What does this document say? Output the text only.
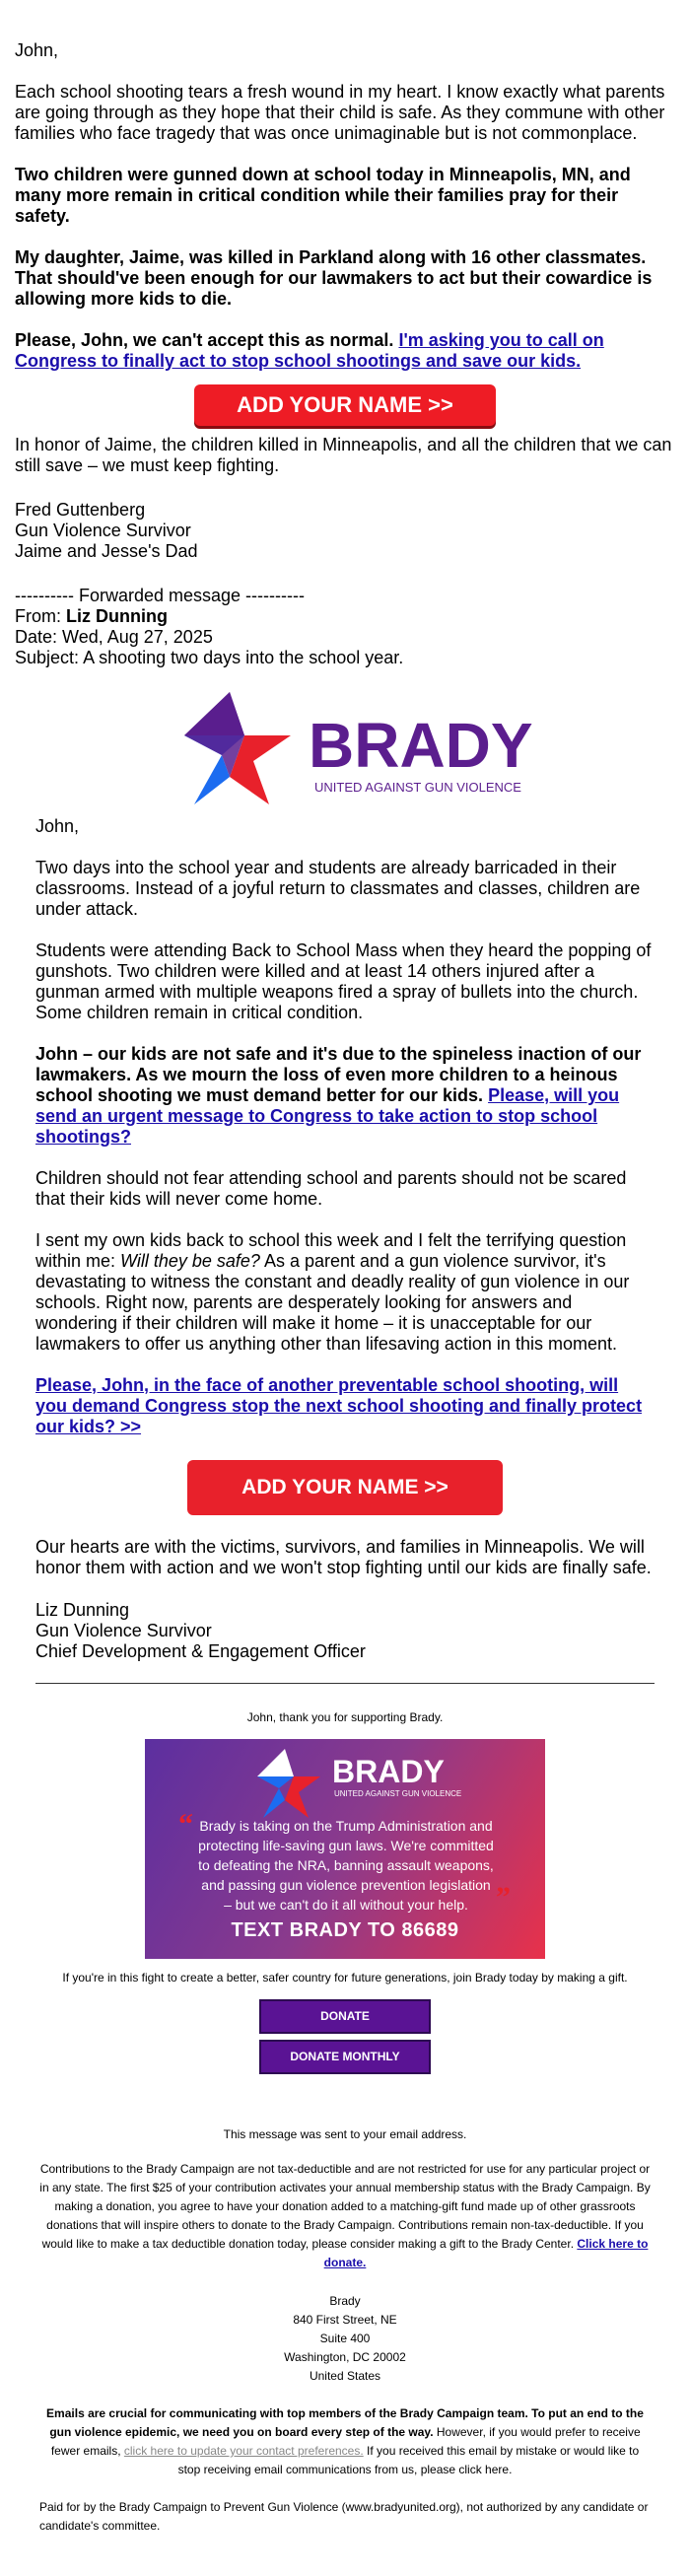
John,

Each school shooting tears a fresh wound in my heart. I know exactly what parents are going through as they hope that their child is safe. As they commune with other families who face tragedy that was once unimaginable but is not commonplace.

Two children were gunned down at school today in Minneapolis, MN, and many more remain in critical condition while their families pray for their safety.

My daughter, Jaime, was killed in Parkland along with 16 other classmates. That should've been enough for our lawmakers to act but their cowardice is allowing more kids to die.

Please, John, we can't accept this as normal. I'm asking you to call on Congress to finally act to stop school shootings and save our kids.

ADD YOUR NAME >>

In honor of Jaime, the children killed in Minneapolis, and all the children that we can still save – we must keep fighting.

Fred Guttenberg

Gun Violence Survivor

Jaime and Jesse's Dad

---------- Forwarded message ----------

From: Liz Dunning

Date: Wed, Aug 27, 2025

Subject: A shooting two days into the school year.

BRADY
UNITED AGAINST GUN VIOLENCE

John,

Two days into the school year and students are already barricaded in their classrooms. Instead of a joyful return to classmates and classes, children are under attack.

Students were attending Back to School Mass when they heard the popping of gunshots. Two children were killed and at least 14 others injured after a gunman armed with multiple weapons fired a spray of bullets into the church. Some children remain in critical condition.

John – our kids are not safe and it's due to the spineless inaction of our lawmakers. As we mourn the loss of even more children to a heinous school shooting we must demand better for our kids. Please, will you send an urgent message to Congress to take action to stop school shootings?

Children should not fear attending school and parents should not be scared that their kids will never come home.

I sent my own kids back to school this week and I felt the terrifying question within me: Will they be safe? As a parent and a gun violence survivor, it's devastating to witness the constant and deadly reality of gun violence in our schools. Right now, parents are desperately looking for answers and wondering if their children will make it home – it is unacceptable for our lawmakers to offer us anything other than lifesaving action in this moment.

Please, John, in the face of another preventable school shooting, will you demand Congress stop the next school shooting and finally protect our kids? >>

ADD YOUR NAME >>

Our hearts are with the victims, survivors, and families in Minneapolis. We will honor them with action and we won't stop fighting until our kids are finally safe.

Liz Dunning

Gun Violence Survivor

Chief Development & Engagement Officer

John, thank you for supporting Brady.

BRADY
UNITED AGAINST GUN VIOLENCE
“
”
Brady is taking on the Trump Administration and protecting life-saving gun laws. We're committed to defeating the NRA, banning assault weapons, and passing gun violence prevention legislation – but we can't do it all without your help.
TEXT BRADY TO 86689

If you're in this fight to create a better, safer country for future generations, join Brady today by making a gift.

DONATE
DONATE MONTHLY

This message was sent to your email address.

Contributions to the Brady Campaign are not tax-deductible and are not restricted for use for any particular project or in any state. The first $25 of your contribution activates your annual membership status with the Brady Campaign. By making a donation, you agree to have your donation added to a matching-gift fund made up of other grassroots donations that will inspire others to donate to the Brady Campaign. Contributions remain non-tax-deductible. If you would like to make a tax deductible donation today, please consider making a gift to the Brady Center. Click here to donate.

Brady

840 First Street, NE

Suite 400

Washington, DC 20002

United States

Emails are crucial for communicating with top members of the Brady Campaign team. To put an end to the gun violence epidemic, we need you on board every step of the way. However, if you would prefer to receive fewer emails, click here to update your contact preferences. If you received this email by mistake or would like to stop receiving email communications from us, please click here.

Paid for by the Brady Campaign to Prevent Gun Violence (www.bradyunited.org), not authorized by any candidate or candidate's committee.
